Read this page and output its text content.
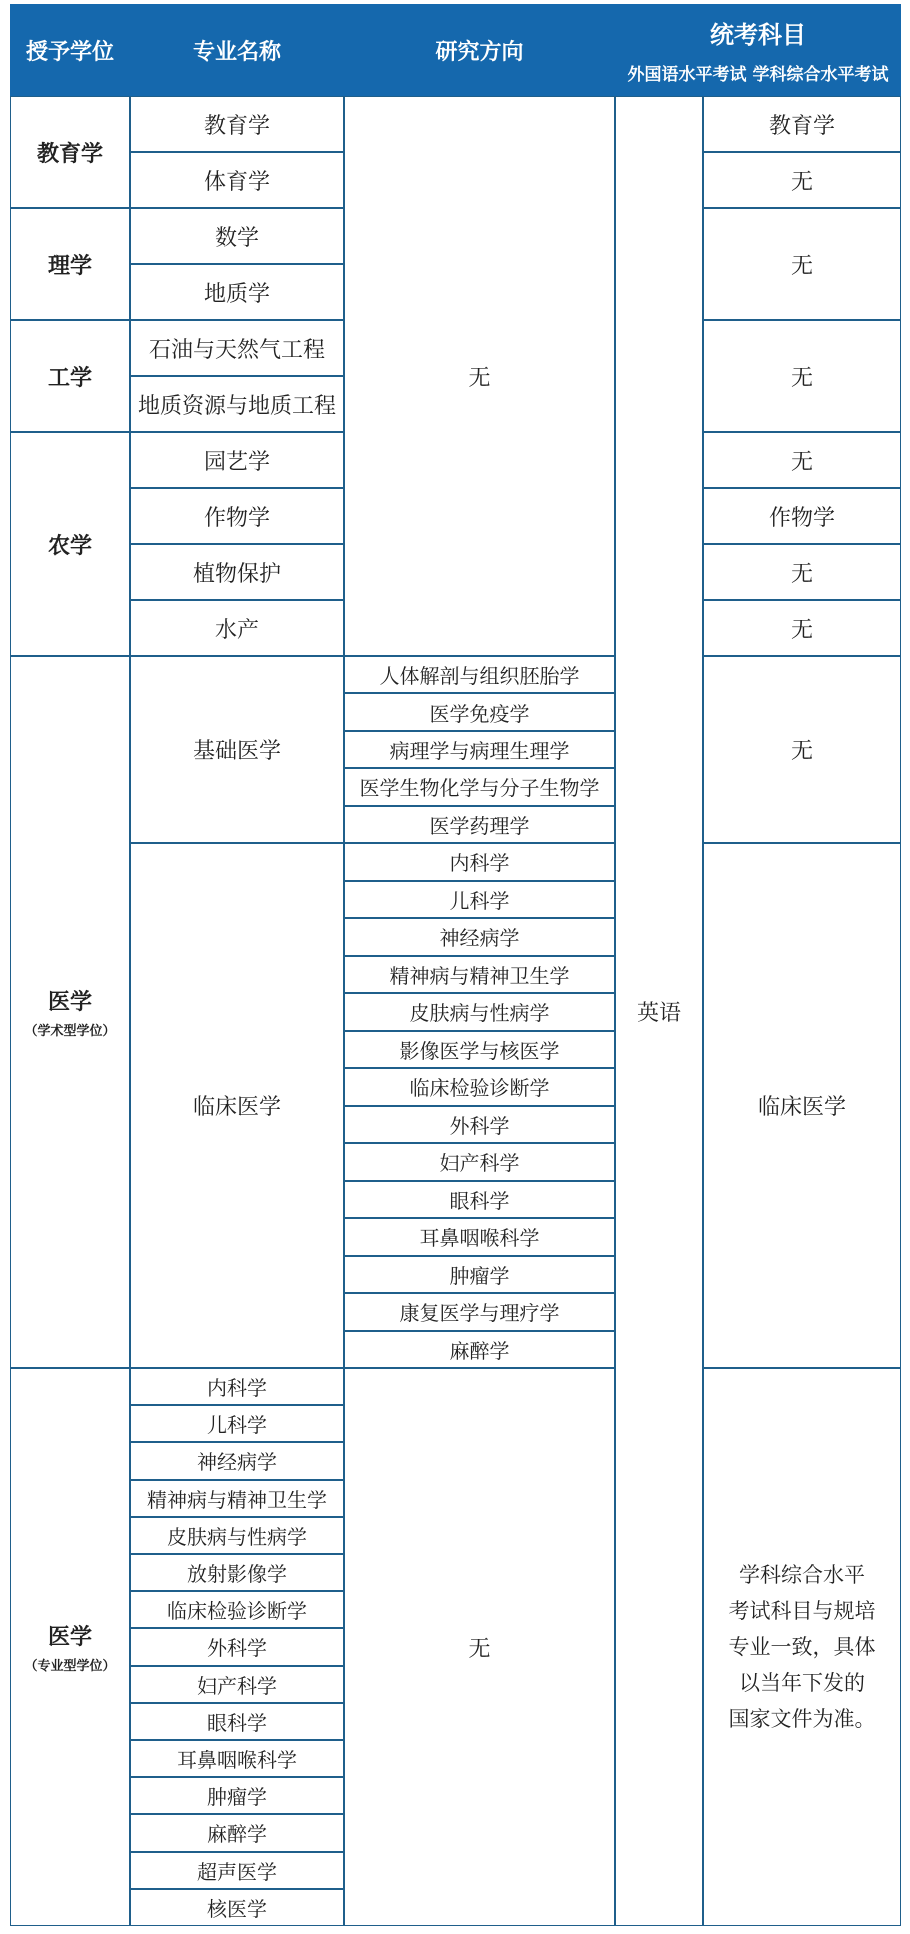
授予学位	专业名称	研究方向
统考科目
外国语水平考试 学科综合水平考试
教育学
理学
工学
农学
医学
（学术型学位）
医学
（专业型学位）
教育学
体育学
数学
地质学
石油与天然气工程
地质资源与地质工程
园艺学
作物学
植物保护
水产
基础医学
临床医学
内科学
儿科学
神经病学
精神病与精神卫生学
皮肤病与性病学
放射影像学
临床检验诊断学
外科学
妇产科学
眼科学
耳鼻咽喉科学
肿瘤学
麻醉学
超声医学
核医学
无
人体解剖与组织胚胎学
医学免疫学
病理学与病理生理学
医学生物化学与分子生物学
医学药理学
内科学
儿科学
神经病学
精神病与精神卫生学
皮肤病与性病学
影像医学与核医学
临床检验诊断学
外科学
妇产科学
眼科学
耳鼻咽喉科学
肿瘤学
康复医学与理疗学
麻醉学
无
英语
教育学
无
无
无
无
作物学
无
无
无
临床医学
学科综合水平
考试科目与规培
专业一致，具体
以当年下发的
国家文件为准。
